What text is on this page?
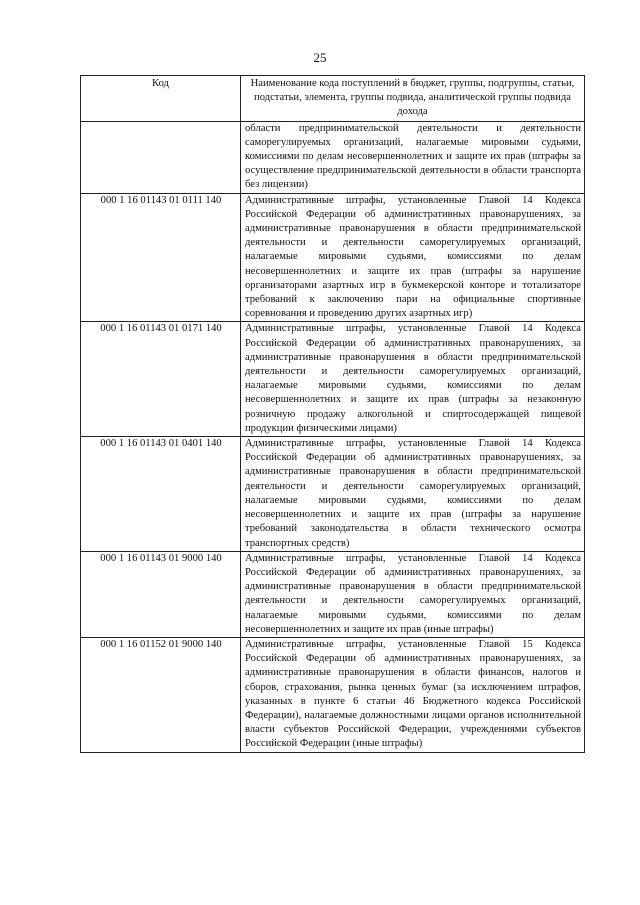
25
Код	Наименование кода поступлений в бюджет, группы, подгруппы, статьи, подстатьи, элемента, группы подвида, аналитической группы подвида дохода
	области предпринимательской деятельности и деятельности саморегулируемых организаций, налагаемые мировыми судьями, комиссиями по делам несовершеннолетних и защите их прав (штрафы за осуществление предпринимательской деятельности в области транспорта без лицензии)
000 1 16 01143 01 0111 140	Административные штрафы, установленные Главой 14 Кодекса Российской Федерации об административных правонарушениях, за административные правонарушения в области предпринимательской деятельности и деятельности саморегулируемых организаций, налагаемые мировыми судьями, комиссиями по делам несовершеннолетних и защите их прав (штрафы за нарушение организаторами азартных игр в букмекерской конторе и тотализаторе требований к заключению пари на официальные спортивные соревнования и проведению других азартных игр)
000 1 16 01143 01 0171 140	Административные штрафы, установленные Главой 14 Кодекса Российской Федерации об административных правонарушениях, за административные правонарушения в области предпринимательской деятельности и деятельности саморегулируемых организаций, налагаемые мировыми судьями, комиссиями по делам несовершеннолетних и защите их прав (штрафы за незаконную розничную продажу алкогольной и спиртосодержащей пищевой продукции физическими лицами)
000 1 16 01143 01 0401 140	Административные штрафы, установленные Главой 14 Кодекса Российской Федерации об административных правонарушениях, за административные правонарушения в области предпринимательской деятельности и деятельности саморегулируемых организаций, налагаемые мировыми судьями, комиссиями по делам несовершеннолетних и защите их прав (штрафы за нарушение требований законодательства в области технического осмотра транспортных средств)
000 1 16 01143 01 9000 140	Административные штрафы, установленные Главой 14 Кодекса Российской Федерации об административных правонарушениях, за административные правонарушения в области предпринимательской деятельности и деятельности саморегулируемых организаций, налагаемые мировыми судьями, комиссиями по делам несовершеннолетних и защите их прав (иные штрафы)
000 1 16 01152 01 9000 140	Административные штрафы, установленные Главой 15 Кодекса Российской Федерации об административных правонарушениях, за административные правонарушения в области финансов, налогов и сборов, страхования, рынка ценных бумаг (за исключением штрафов, указанных в пункте 6 статьи 46 Бюджетного кодекса Российской Федерации), налагаемые должностными лицами органов исполнительной власти субъектов Российской Федерации, учреждениями субъектов Российской Федерации (иные штрафы)
